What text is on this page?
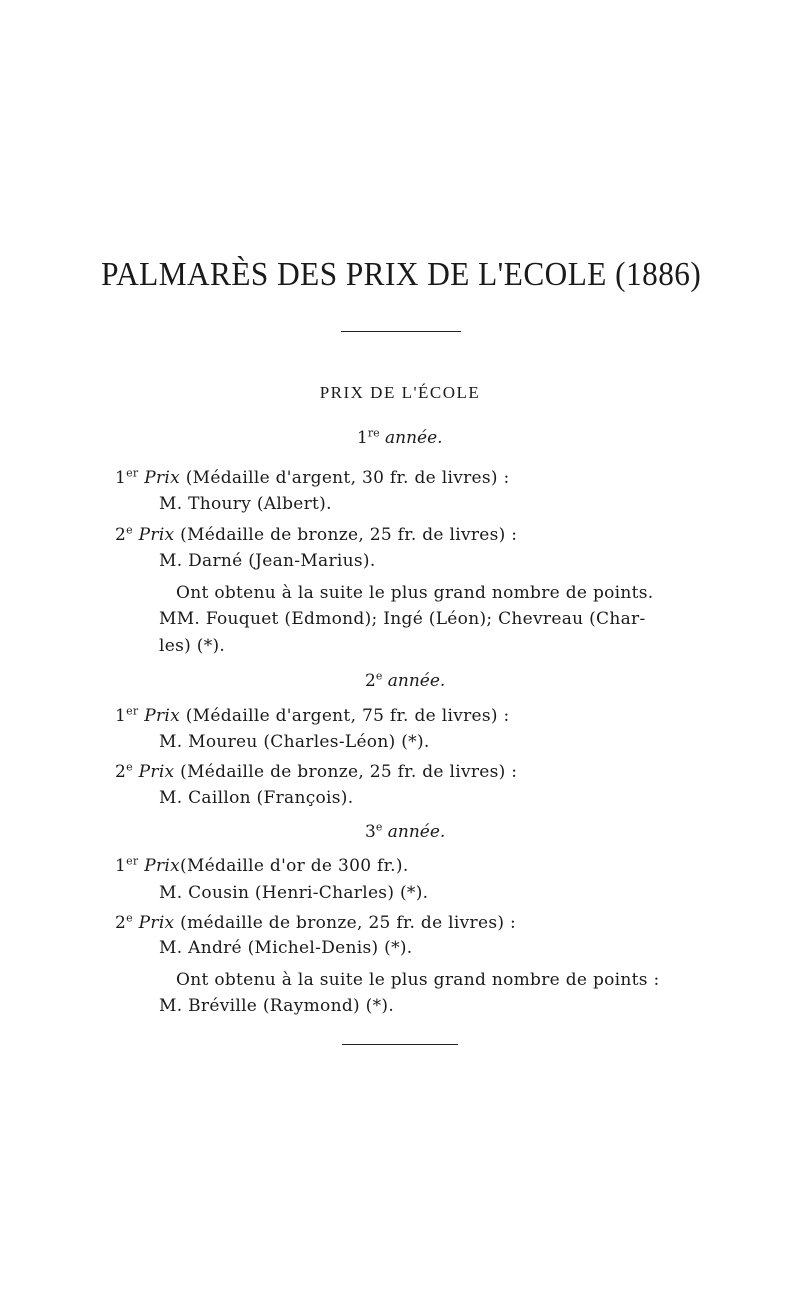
PALMARÈS DES PRIX DE L'ECOLE (1886)
PRIX DE L'ÉCOLE
1re année.
1er Prix (Médaille d'argent, 30 fr. de livres) :
M. Thoury (Albert).
2e Prix (Médaille de bronze, 25 fr. de livres) :
M. Darné (Jean-Marius).
Ont obtenu à la suite le plus grand nombre de points.
MM. Fouquet (Edmond); Ingé (Léon); Chevreau (Char-
les) (*).
2e année.
1er Prix (Médaille d'argent, 75 fr. de livres) :
M. Moureu (Charles-Léon) (*).
2e Prix (Médaille de bronze, 25 fr. de livres) :
M. Caillon (François).
3e année.
1er Prix(Médaille d'or de 300 fr.).
M. Cousin (Henri-Charles) (*).
2e Prix (médaille de bronze, 25 fr. de livres) :
M. André (Michel-Denis) (*).
Ont obtenu à la suite le plus grand nombre de points :
M. Bréville (Raymond) (*).
